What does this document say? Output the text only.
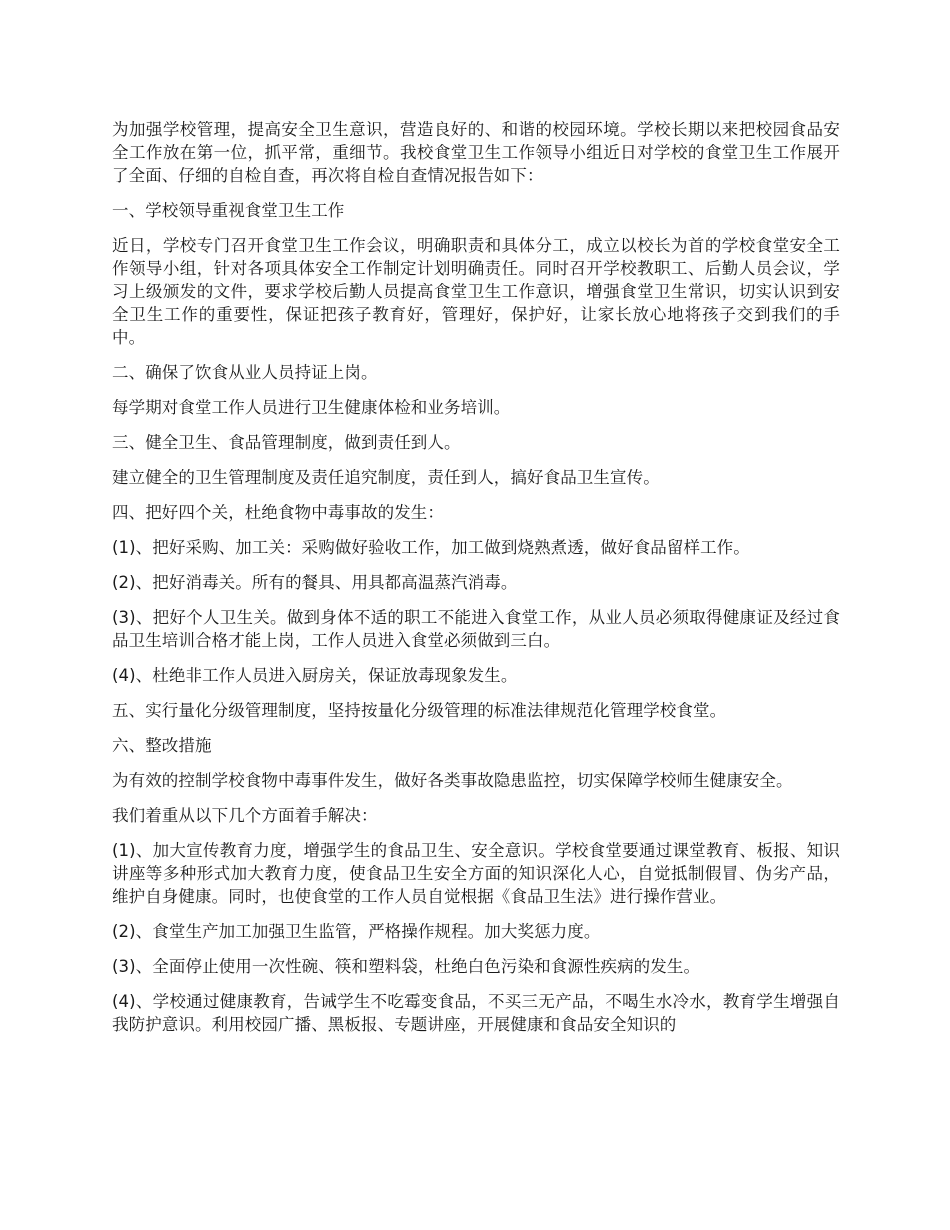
为加强学校管理，提高安全卫生意识，营造良好的、和谐的校园环境。学校长期以来把校园食品安全工作放在第一位，抓平常，重细节。我校食堂卫生工作领导小组近日对学校的食堂卫生工作展开了全面、仔细的自检自查，再次将自检自查情况报告如下：

一、学校领导重视食堂卫生工作

近日，学校专门召开食堂卫生工作会议，明确职责和具体分工，成立以校长为首的学校食堂安全工作领导小组，针对各项具体安全工作制定计划明确责任。同时召开学校教职工、后勤人员会议，学习上级颁发的文件，要求学校后勤人员提高食堂卫生工作意识，增强食堂卫生常识，切实认识到安全卫生工作的重要性，保证把孩子教育好，管理好，保护好，让家长放心地将孩子交到我们的手中。

二、确保了饮食从业人员持证上岗。

每学期对食堂工作人员进行卫生健康体检和业务培训。

三、健全卫生、食品管理制度，做到责任到人。

建立健全的卫生管理制度及责任追究制度，责任到人，搞好食品卫生宣传。

四、把好四个关，杜绝食物中毒事故的发生：

(1)、把好采购、加工关：采购做好验收工作，加工做到烧熟煮透，做好食品留样工作。

(2)、把好消毒关。所有的餐具、用具都高温蒸汽消毒。

(3)、把好个人卫生关。做到身体不适的职工不能进入食堂工作，从业人员必须取得健康证及经过食品卫生培训合格才能上岗，工作人员进入食堂必须做到三白。

(4)、杜绝非工作人员进入厨房关，保证放毒现象发生。

五、实行量化分级管理制度，坚持按量化分级管理的标准法律规范化管理学校食堂。

六、整改措施

为有效的控制学校食物中毒事件发生，做好各类事故隐患监控，切实保障学校师生健康安全。

我们着重从以下几个方面着手解决：

(1)、加大宣传教育力度，增强学生的食品卫生、安全意识。学校食堂要通过课堂教育、板报、知识讲座等多种形式加大教育力度，使食品卫生安全方面的知识深化人心，自觉抵制假冒、伪劣产品，维护自身健康。同时，也使食堂的工作人员自觉根据《食品卫生法》进行操作营业。

(2)、食堂生产加工加强卫生监管，严格操作规程。加大奖惩力度。

(3)、全面停止使用一次性碗、筷和塑料袋，杜绝白色污染和食源性疾病的发生。

(4)、学校通过健康教育，告诫学生不吃霉变食品，不买三无产品，不喝生水冷水，教育学生增强自我防护意识。利用校园广播、黑板报、专题讲座，开展健康和食品安全知识的
